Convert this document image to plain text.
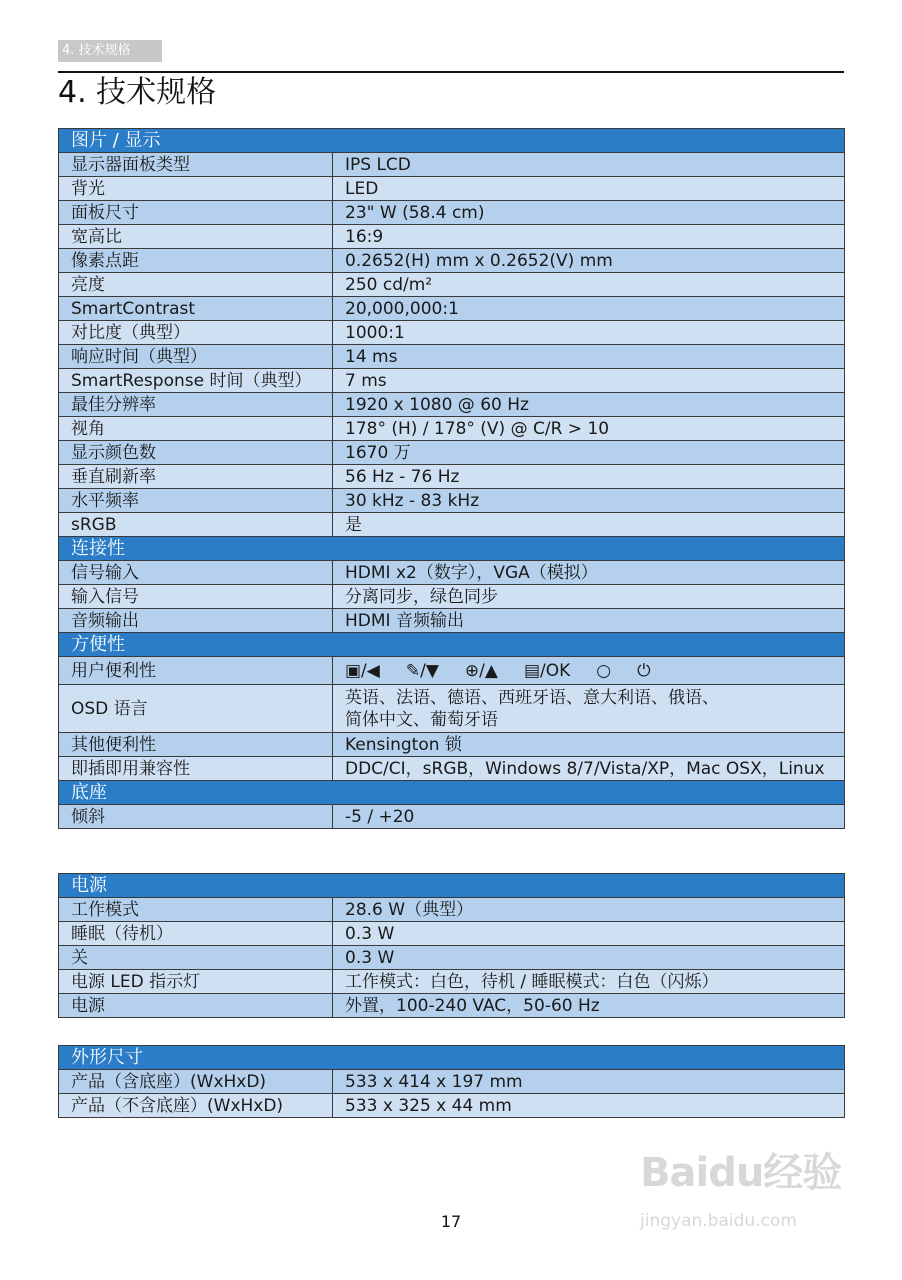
4. 技术规格
4. 技术规格
图片 / 显示	
显示器面板类型	IPS LCD
背光	LED
面板尺寸	23" W (58.4 cm)
宽高比	16:9
像素点距	0.2652(H) mm x 0.2652(V) mm
亮度	250 cd/m²
SmartContrast	20,000,000:1
对比度（典型）	1000:1
响应时间（典型）	14 ms
SmartResponse 时间（典型）	7 ms
最佳分辨率	1920 x 1080 @ 60 Hz
视角	178° (H) / 178° (V) @ C/R > 10
显示颜色数	1670 万
垂直刷新率	56 Hz - 76 Hz
水平频率	30 kHz - 83 kHz
sRGB	是
连接性	
信号输入	HDMI x2（数字），VGA（模拟）
输入信号	分离同步，绿色同步
音频输出	HDMI 音频输出
方便性	
用户便利性	▣/◀ ✎/▼ ⊕/▲ ▤/OK ○ ⏻
OSD 语言	英语、法语、德语、西班牙语、意大利语、俄语、
简体中文、葡萄牙语

其他便利性	Kensington 锁
即插即用兼容性	DDC/CI，sRGB，Windows 8/7/Vista/XP，Mac OSX，Linux
底座	
倾斜	-5 / +20
电源	
工作模式	28.6 W（典型）
睡眠（待机）	0.3 W
关	0.3 W
电源 LED 指示灯	工作模式：白色，待机 / 睡眠模式：白色（闪烁）
电源	外置，100-240 VAC，50-60 Hz
外形尺寸	
产品（含底座）(WxHxD)	533 x 414 x 197 mm
产品（不含底座）(WxHxD)	533 x 325 x 44 mm
17
Baidu经验
jingyan.baidu.com
